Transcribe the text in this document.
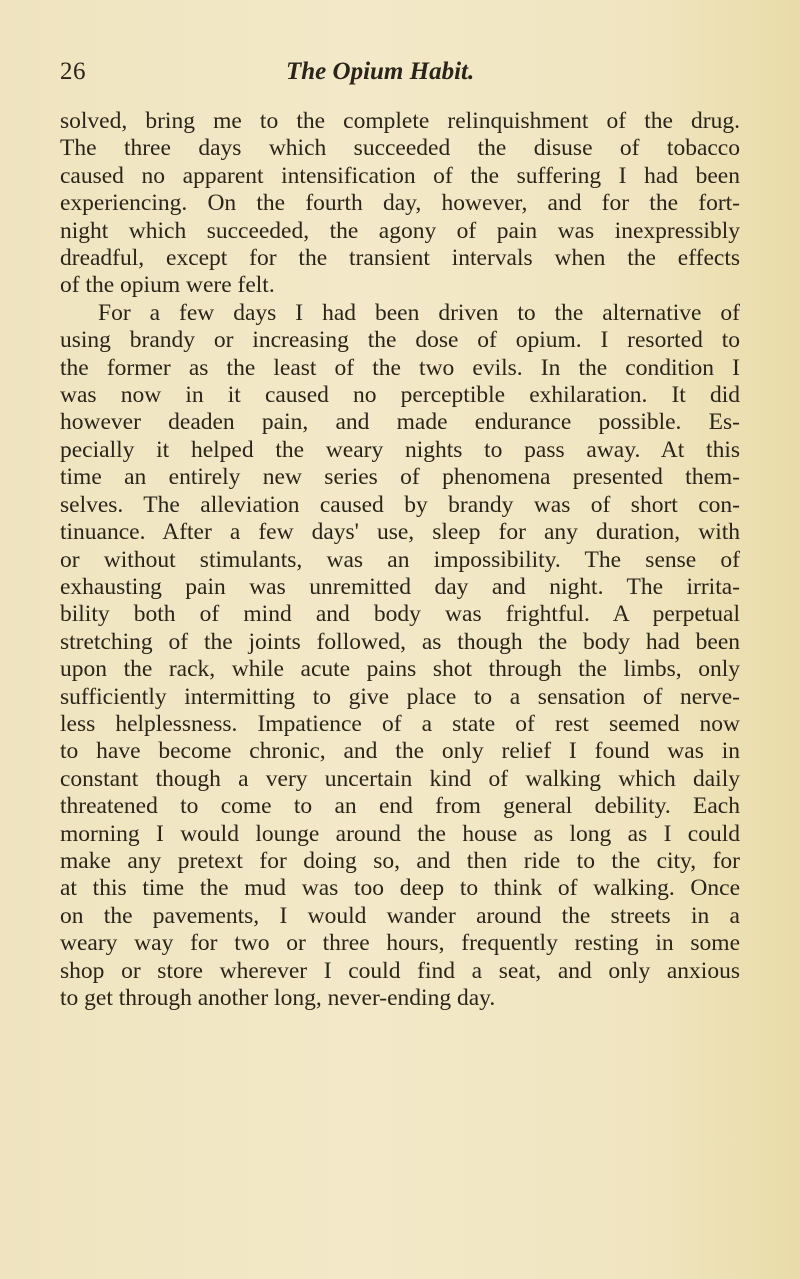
26	The Opium Habit.

solved, bring me to the complete relinquishment of the drug.
The three days which succeeded the disuse of tobacco
caused no apparent intensification of the suffering I had been
experiencing. On the fourth day, however, and for the fort-
night which succeeded, the agony of pain was inexpressibly
dreadful, except for the transient intervals when the effects
of the opium were felt.

For a few days I had been driven to the alternative of
using brandy or increasing the dose of opium. I resorted to
the former as the least of the two evils. In the condition I
was now in it caused no perceptible exhilaration. It did
however deaden pain, and made endurance possible. Es-
pecially it helped the weary nights to pass away. At this
time an entirely new series of phenomena presented them-
selves. The alleviation caused by brandy was of short con-
tinuance. After a few days' use, sleep for any duration, with
or without stimulants, was an impossibility. The sense of
exhausting pain was unremitted day and night. The irrita-
bility both of mind and body was frightful. A perpetual
stretching of the joints followed, as though the body had been
upon the rack, while acute pains shot through the limbs, only
sufficiently intermitting to give place to a sensation of nerve-
less helplessness. Impatience of a state of rest seemed now
to have become chronic, and the only relief I found was in
constant though a very uncertain kind of walking which daily
threatened to come to an end from general debility. Each
morning I would lounge around the house as long as I could
make any pretext for doing so, and then ride to the city, for
at this time the mud was too deep to think of walking. Once
on the pavements, I would wander around the streets in a
weary way for two or three hours, frequently resting in some
shop or store wherever I could find a seat, and only anxious
to get through another long, never-ending day.
